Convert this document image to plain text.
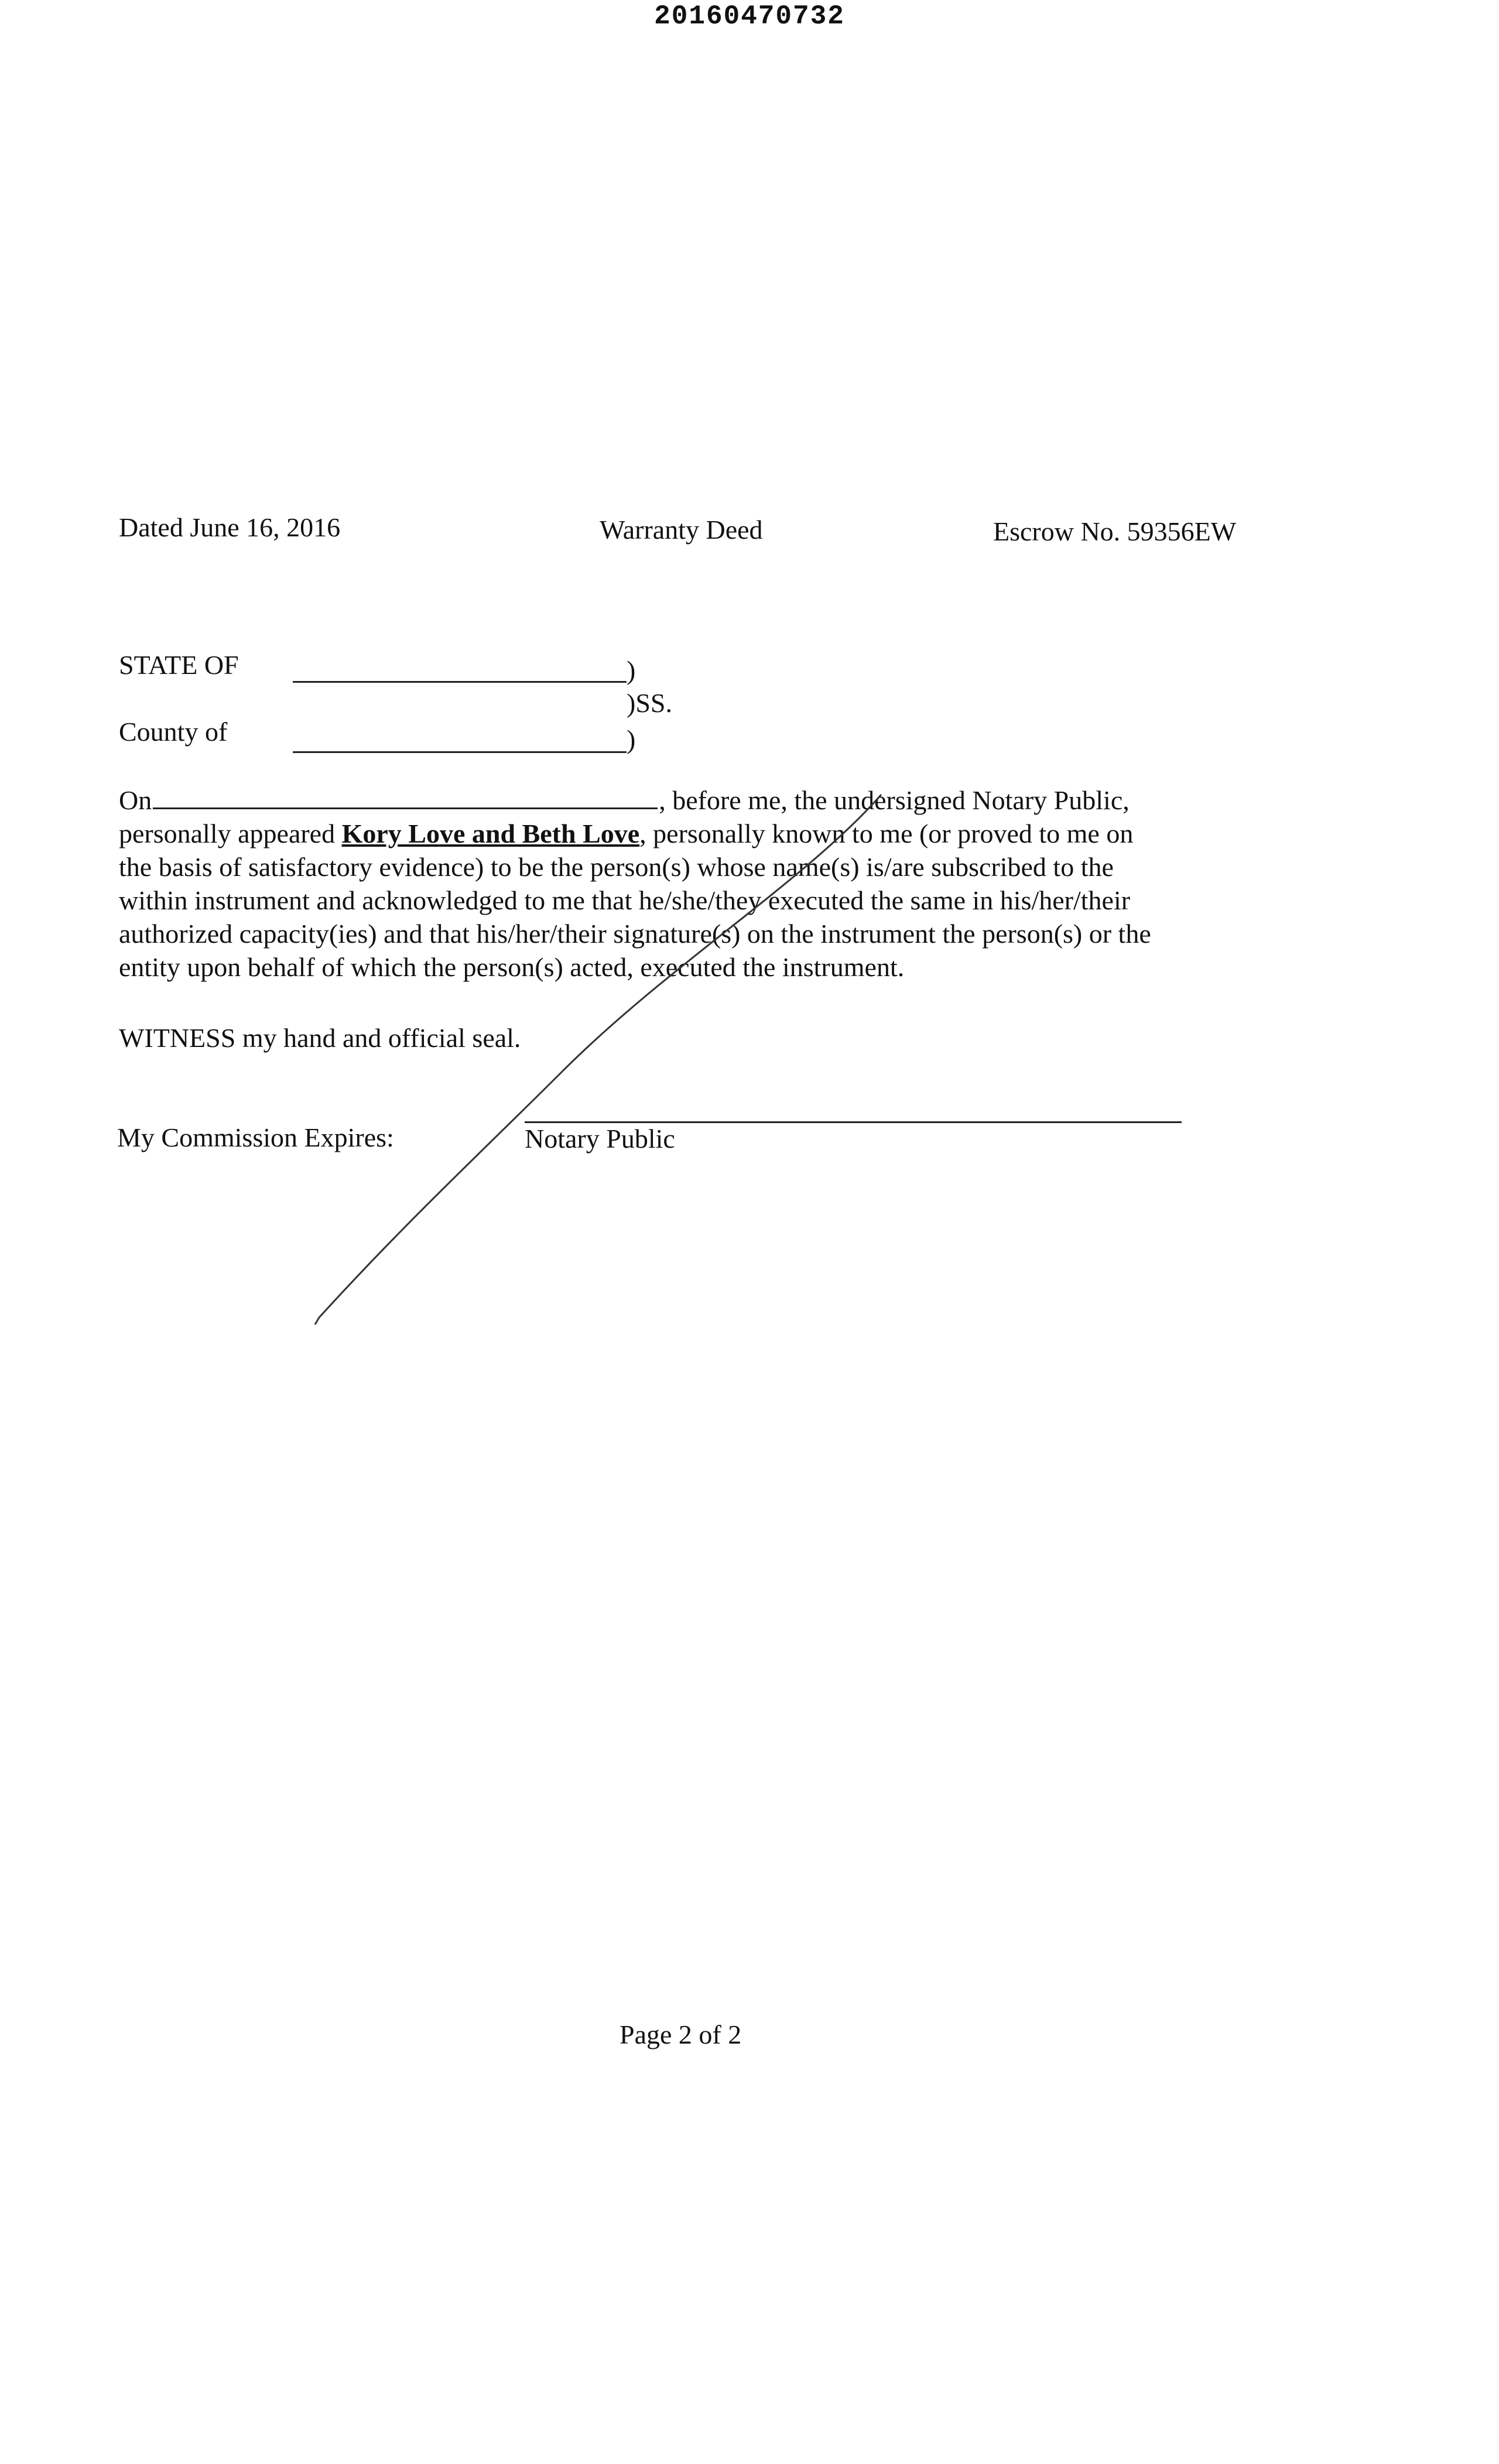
20160470732
Dated June 16, 2016	Warranty Deed	Escrow No. 59356EW
STATE OF	)
)SS.
County of	)
On	, before me, the undersigned Notary Public,
personally appeared Kory Love and Beth Love, personally known to me (or proved to me on
the basis of satisfactory evidence) to be the person(s) whose name(s) is/are subscribed to the
within instrument and acknowledged to me that he/she/they executed the same in his/her/their
authorized capacity(ies) and that his/her/their signature(s) on the instrument the person(s) or the
entity upon behalf of which the person(s) acted, executed the instrument.
WITNESS my hand and official seal.
My Commission Expires:	Notary Public
Page 2 of 2
